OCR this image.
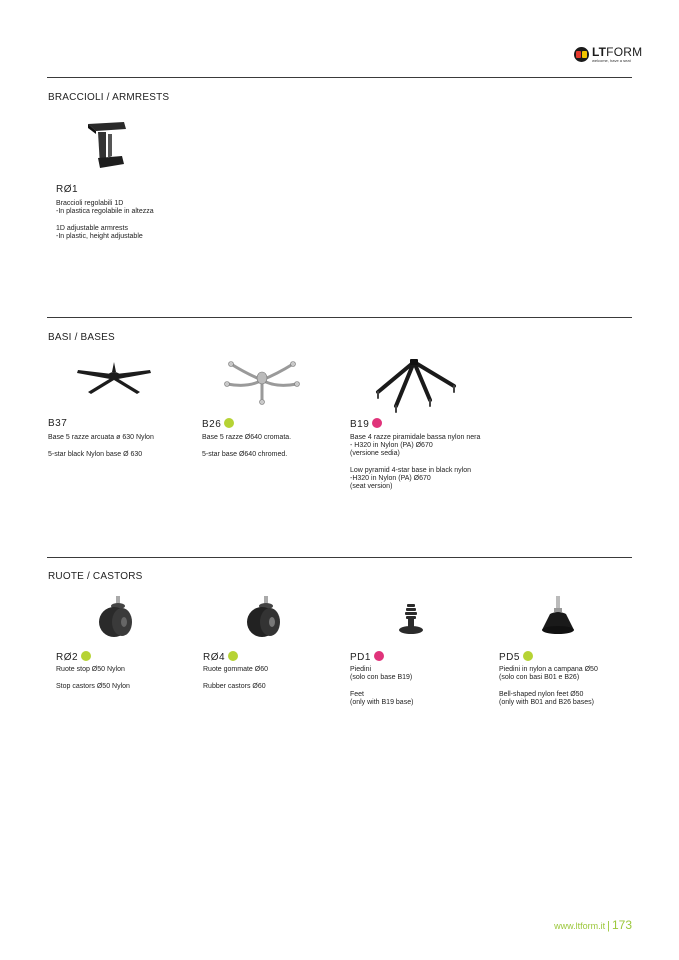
LTFORM
welcome, have a seat
BRACCIOLI / ARMRESTS
RØ1

Braccioli regolabili 1D
-In plastica regolabile in altezza

1D adjustable armrests
-In plastic, height adjustable

BASI / BASES
B37

Base 5 razze arcuata ø 630 Nylon

5-star black Nylon base Ø 630

B26

Base 5 razze Ø640 cromata.

5-star base Ø640 chromed.

B19

Base 4 razze piramidale bassa nylon nera
- H320 in Nylon (PA) Ø670
(versione sedia)

Low pyramid 4-star base in black nylon
-H320 in Nylon (PA) Ø670
(seat version)

RUOTE / CASTORS
RØ2

Ruote stop Ø50 Nylon

Stop castors Ø50 Nylon

RØ4

Ruote gommate Ø60

Rubber castors Ø60

PD1

Piedini
(solo con base B19)

Feet
(only with B19 base)

PD5

Piedini in nylon a campana Ø50
(solo con basi B01 e B26)

Bell-shaped nylon feet Ø50
(only with B01 and B26 bases)

www.ltform.it | 173
